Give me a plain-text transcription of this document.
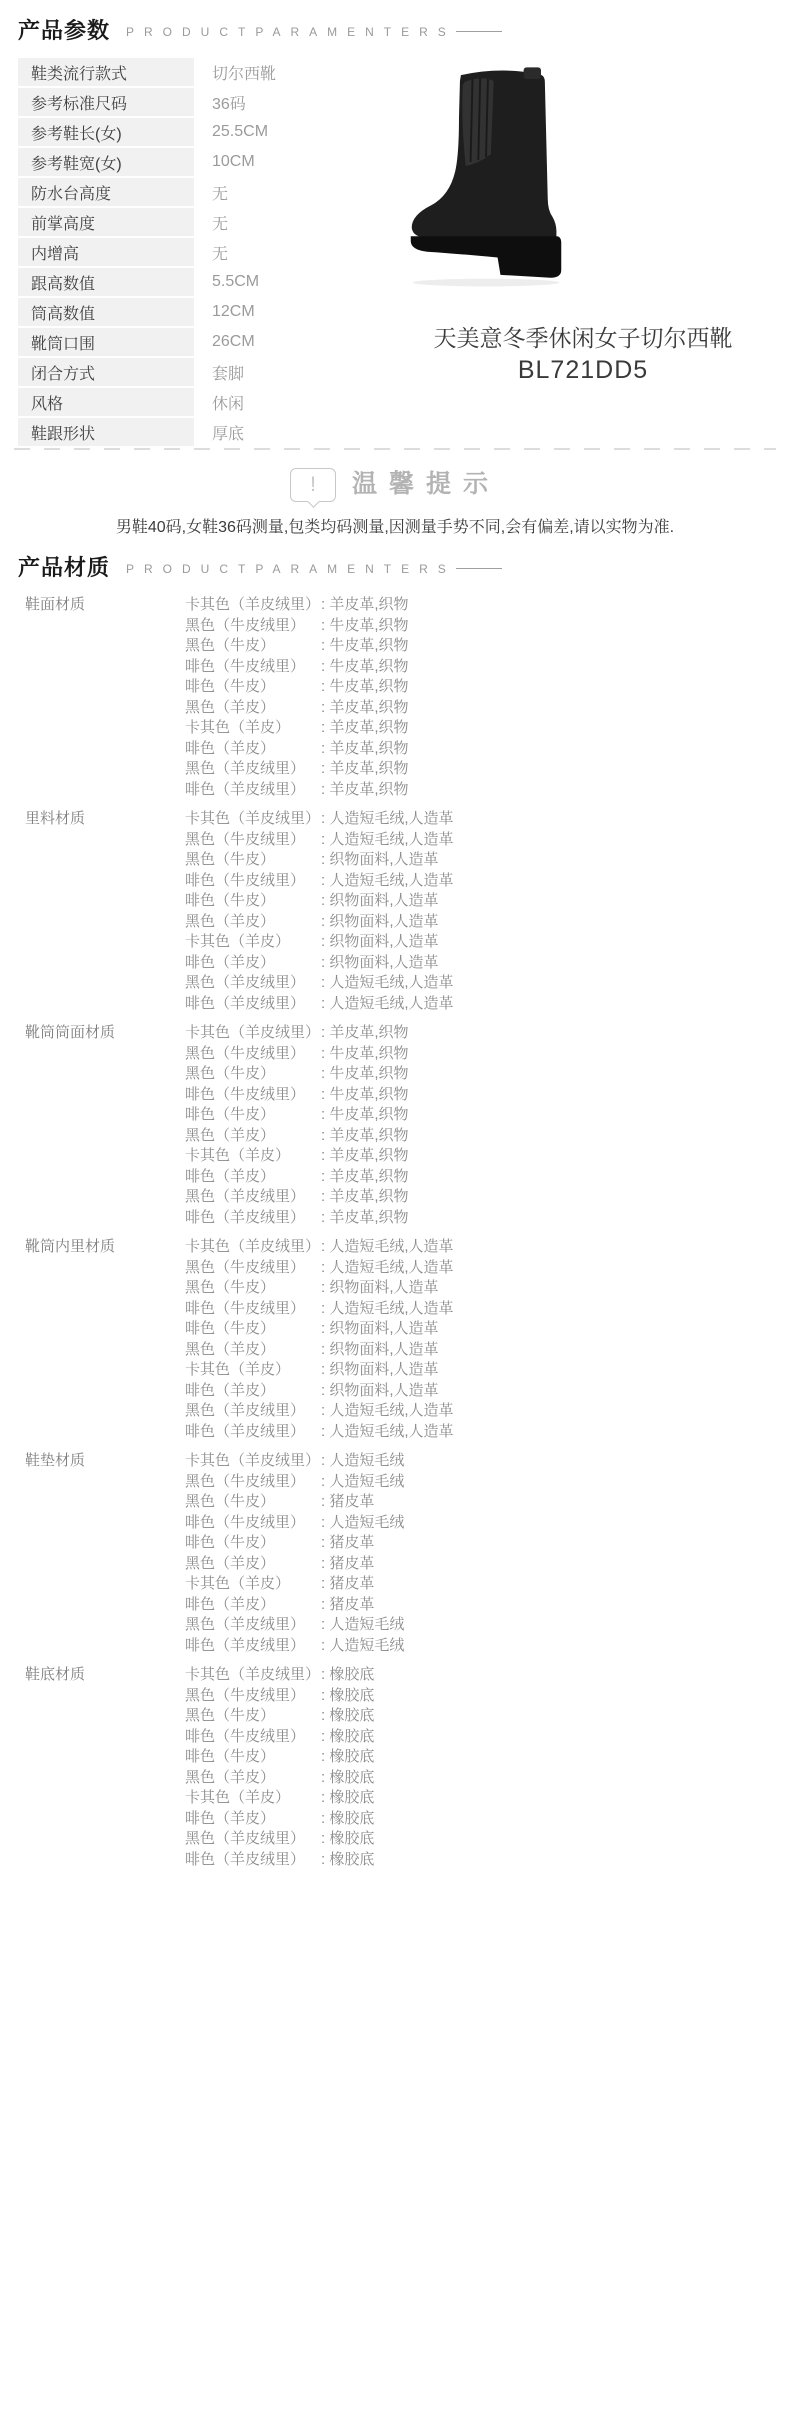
产品参数 PRODUCTPARAMENTERS
鞋类流行款式	切尔西靴
参考标准尺码	36码
参考鞋长(女)	25.5CM
参考鞋宽(女)	10CM
防水台高度	无
前掌高度	无
内增高	无
跟高数值	5.5CM
筒高数值	12CM
靴筒口围	26CM
闭合方式	套脚
风格	休闲
鞋跟形状	厚底
天美意冬季休闲女子切尔西靴
BL721DD5
!	温馨提示
男鞋40码,女鞋36码测量,包类均码测量,因测量手势不同,会有偏差,请以实物为准.
产品材质 PRODUCTPARAMENTERS
鞋面材质	卡其色（羊皮绒里） : 羊皮革,织物
黑色（牛皮绒里）	: 牛皮革,织物
黑色（牛皮）	: 牛皮革,织物
啡色（牛皮绒里）	: 牛皮革,织物
啡色（牛皮）	: 牛皮革,织物
黑色（羊皮）	: 羊皮革,织物
卡其色（羊皮）	: 羊皮革,织物
啡色（羊皮）	: 羊皮革,织物
黑色（羊皮绒里）	: 羊皮革,织物
啡色（羊皮绒里）	: 羊皮革,织物
里料材质	卡其色（羊皮绒里） : 人造短毛绒,人造革
黑色（牛皮绒里）	: 人造短毛绒,人造革
黑色（牛皮）	: 织物面料,人造革
啡色（牛皮绒里）	: 人造短毛绒,人造革
啡色（牛皮）	: 织物面料,人造革
黑色（羊皮）	: 织物面料,人造革
卡其色（羊皮）	: 织物面料,人造革
啡色（羊皮）	: 织物面料,人造革
黑色（羊皮绒里）	: 人造短毛绒,人造革
啡色（羊皮绒里）	: 人造短毛绒,人造革
靴筒筒面材质	卡其色（羊皮绒里） : 羊皮革,织物
黑色（牛皮绒里）	: 牛皮革,织物
黑色（牛皮）	: 牛皮革,织物
啡色（牛皮绒里）	: 牛皮革,织物
啡色（牛皮）	: 牛皮革,织物
黑色（羊皮）	: 羊皮革,织物
卡其色（羊皮）	: 羊皮革,织物
啡色（羊皮）	: 羊皮革,织物
黑色（羊皮绒里）	: 羊皮革,织物
啡色（羊皮绒里）	: 羊皮革,织物
靴筒内里材质	卡其色（羊皮绒里） : 人造短毛绒,人造革
黑色（牛皮绒里）	: 人造短毛绒,人造革
黑色（牛皮）	: 织物面料,人造革
啡色（牛皮绒里）	: 人造短毛绒,人造革
啡色（牛皮）	: 织物面料,人造革
黑色（羊皮）	: 织物面料,人造革
卡其色（羊皮）	: 织物面料,人造革
啡色（羊皮）	: 织物面料,人造革
黑色（羊皮绒里）	: 人造短毛绒,人造革
啡色（羊皮绒里）	: 人造短毛绒,人造革
鞋垫材质	卡其色（羊皮绒里） : 人造短毛绒
黑色（牛皮绒里）	: 人造短毛绒
黑色（牛皮）	: 猪皮革
啡色（牛皮绒里）	: 人造短毛绒
啡色（牛皮）	: 猪皮革
黑色（羊皮）	: 猪皮革
卡其色（羊皮）	: 猪皮革
啡色（羊皮）	: 猪皮革
黑色（羊皮绒里）	: 人造短毛绒
啡色（羊皮绒里）	: 人造短毛绒
鞋底材质	卡其色（羊皮绒里） : 橡胶底
黑色（牛皮绒里）	: 橡胶底
黑色（牛皮）	: 橡胶底
啡色（牛皮绒里）	: 橡胶底
啡色（牛皮）	: 橡胶底
黑色（羊皮）	: 橡胶底
卡其色（羊皮）	: 橡胶底
啡色（羊皮）	: 橡胶底
黑色（羊皮绒里）	: 橡胶底
啡色（羊皮绒里）	: 橡胶底
